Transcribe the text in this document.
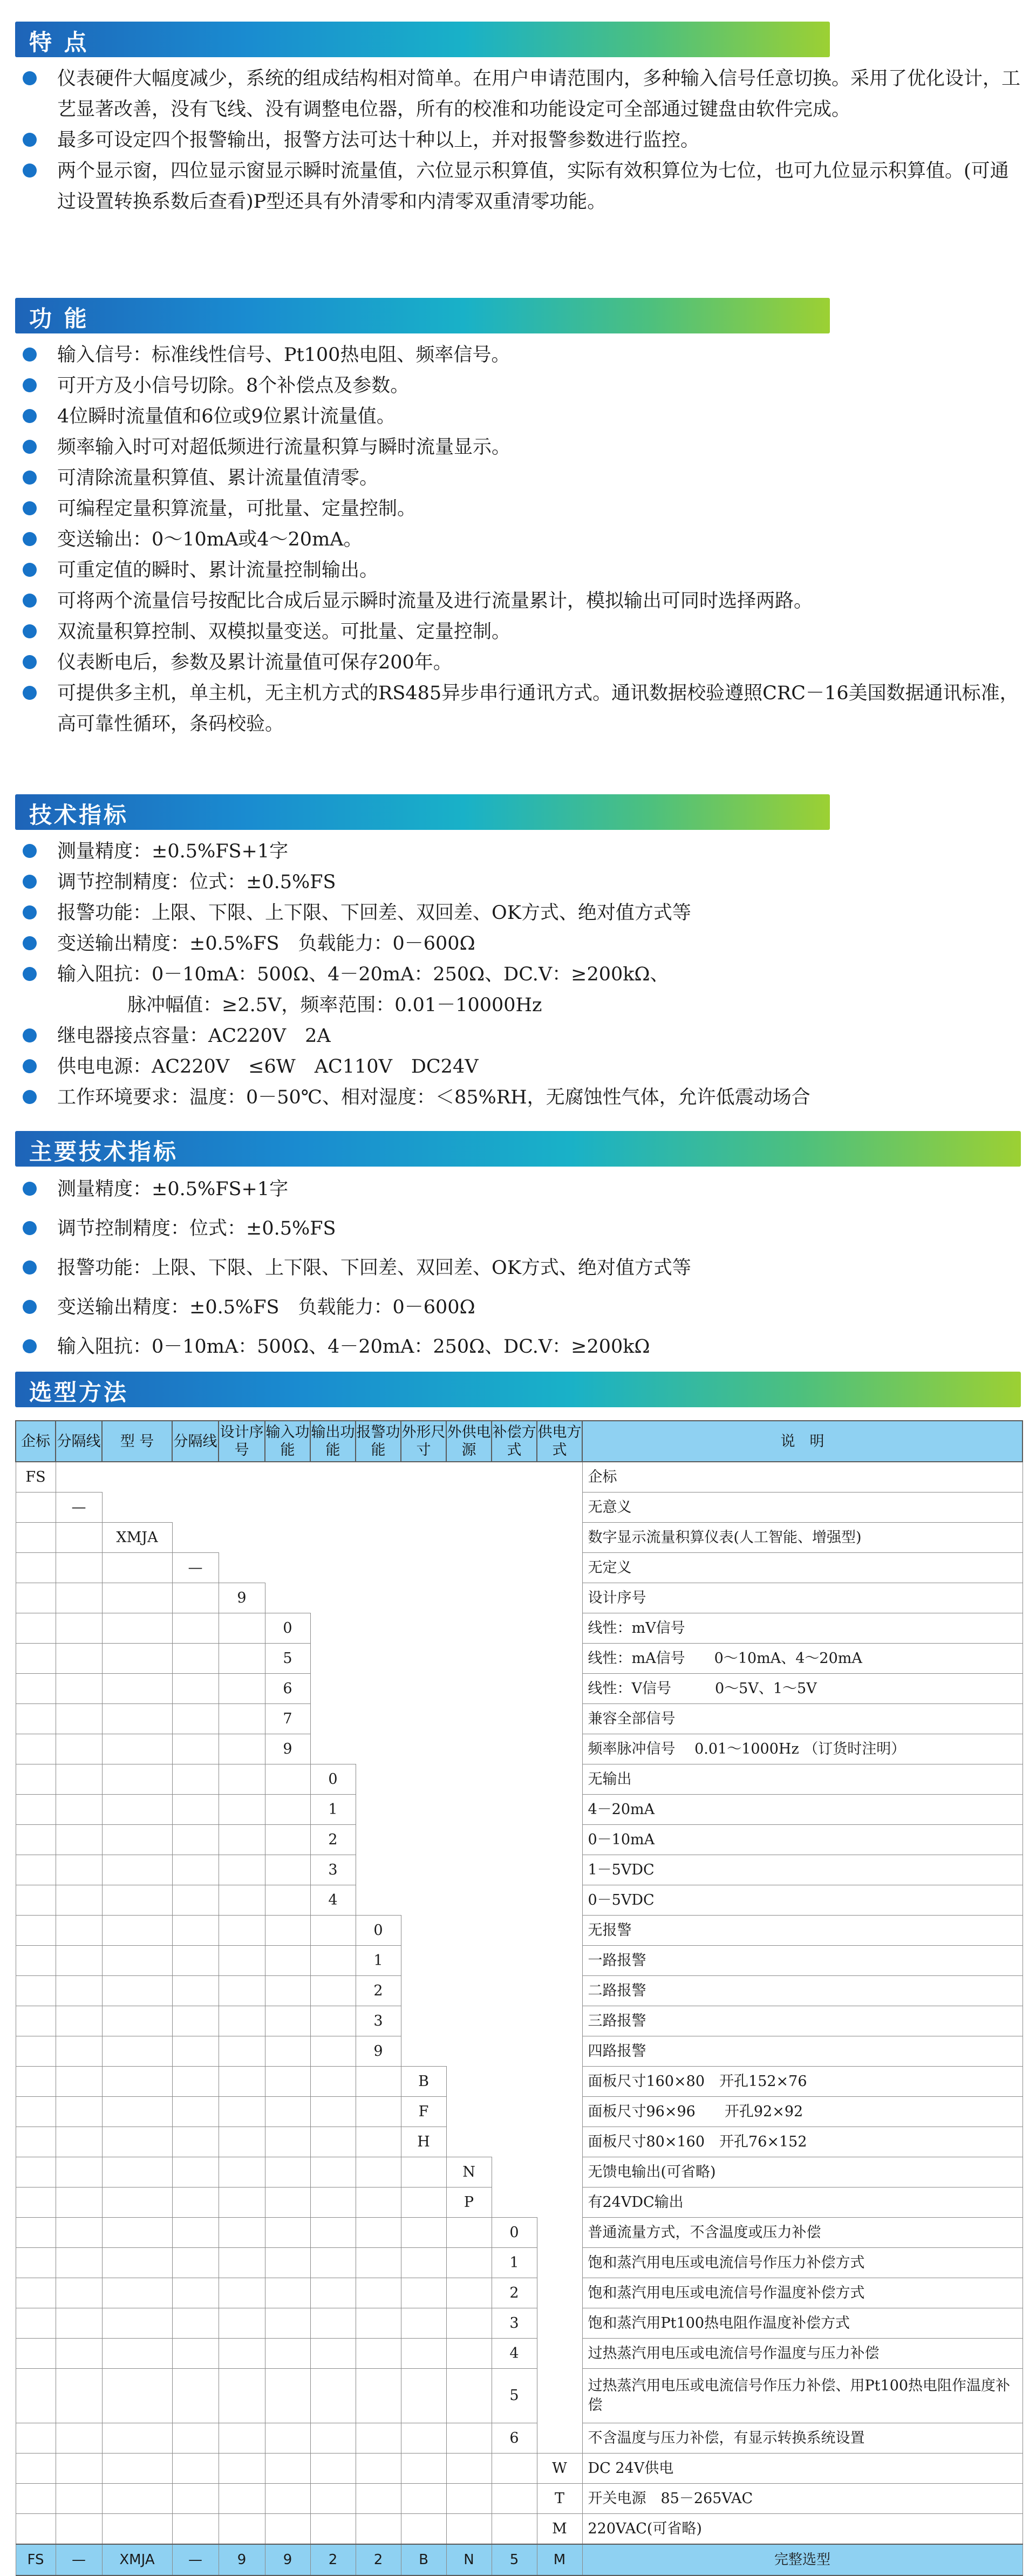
特 点
仪表硬件大幅度减少，系统的组成结构相对简单。在用户申请范围内，多种输入信号任意切换。采用了优化设计，工艺显著改善，没有飞线、没有调整电位器，所有的校准和功能设定可全部通过键盘由软件完成。
最多可设定四个报警输出，报警方法可达十种以上，并对报警参数进行监控。
两个显示窗，四位显示窗显示瞬时流量值，六位显示积算值，实际有效积算位为七位，也可九位显示积算值。(可通过设置转换系数后查看)P型还具有外清零和内清零双重清零功能。
功 能
输入信号：标准线性信号、Pt100热电阻、频率信号。
可开方及小信号切除。8个补偿点及参数。
4位瞬时流量值和6位或9位累计流量值。
频率输入时可对超低频进行流量积算与瞬时流量显示。
可清除流量积算值、累计流量值清零。
可编程定量积算流量，可批量、定量控制。
变送输出：0～10mA或4～20mA。
可重定值的瞬时、累计流量控制输出。
可将两个流量信号按配比合成后显示瞬时流量及进行流量累计，模拟输出可同时选择两路。
双流量积算控制、双模拟量变送。可批量、定量控制。
仪表断电后，参数及累计流量值可保存200年。
可提供多主机，单主机，无主机方式的RS485异步串行通讯方式。通讯数据校验遵照CRC－16美国数据通讯标准，高可靠性循环，条码校验。
技术指标
测量精度：±0.5%FS+1字
调节控制精度：位式：±0.5%FS
报警功能：上限、下限、上下限、下回差、双回差、OK方式、绝对值方式等
变送输出精度：±0.5%FS　负载能力：0－600Ω
输入阻抗：0－10mA：500Ω、4－20mA：250Ω、DC.V：≥200kΩ、
脉冲幅值：≥2.5V，频率范围：0.01－10000Hz
继电器接点容量：AC220V　2A
供电电源：AC220V　≤6W　AC110V　DC24V
工作环境要求：温度：0－50℃、相对湿度：＜85%RH，无腐蚀性气体，允许低震动场合
主要技术指标
测量精度：±0.5%FS+1字
调节控制精度：位式：±0.5%FS
报警功能：上限、下限、上下限、下回差、双回差、OK方式、绝对值方式等
变送输出精度：±0.5%FS　负载能力：0－600Ω
输入阻抗：0－10mA：500Ω、4－20mA：250Ω、DC.V：≥200kΩ
选型方法
企标	分隔线	型 号	分隔线	设计序号	输入功能	输出功能	报警功能	外形尺寸	外供电源	补偿方式	供电方式	说　明
FS												企标
	—											无意义
		XMJA										数字显示流量积算仪表(人工智能、增强型)
			—									无定义
				9								设计序号
					0							线性：mV信号
					5							线性：mA信号　　0～10mA、4～20mA
					6							线性：V信号　　　0～5V、1～5V
					7							兼容全部信号
					9							频率脉冲信号　 0.01～1000Hz （订货时注明）
						0						无输出
						1						4－20mA
						2						0－10mA
						3						1－5VDC
						4						0－5VDC
							0					无报警
							1					一路报警
							2					二路报警
							3					三路报警
							9					四路报警
								B				面板尺寸160×80　开孔152×76
								F				面板尺寸96×96　　开孔92×92
								H				面板尺寸80×160　开孔76×152
									N			无馈电输出(可省略)
									P			有24VDC输出
										0		普通流量方式，不含温度或压力补偿
										1		饱和蒸汽用电压或电流信号作压力补偿方式
										2		饱和蒸汽用电压或电流信号作温度补偿方式
										3		饱和蒸汽用Pt100热电阻作温度补偿方式
										4		过热蒸汽用电压或电流信号作温度与压力补偿
										5		过热蒸汽用电压或电流信号作压力补偿、用Pt100热电阻作温度补偿
										6		不含温度与压力补偿，有显示转换系统设置
											W	DC 24V供电
											T	开关电源　85－265VAC
											M	220VAC(可省略)
FS	—	XMJA	—	9	9	2	2	B	N	5	M	完整选型
